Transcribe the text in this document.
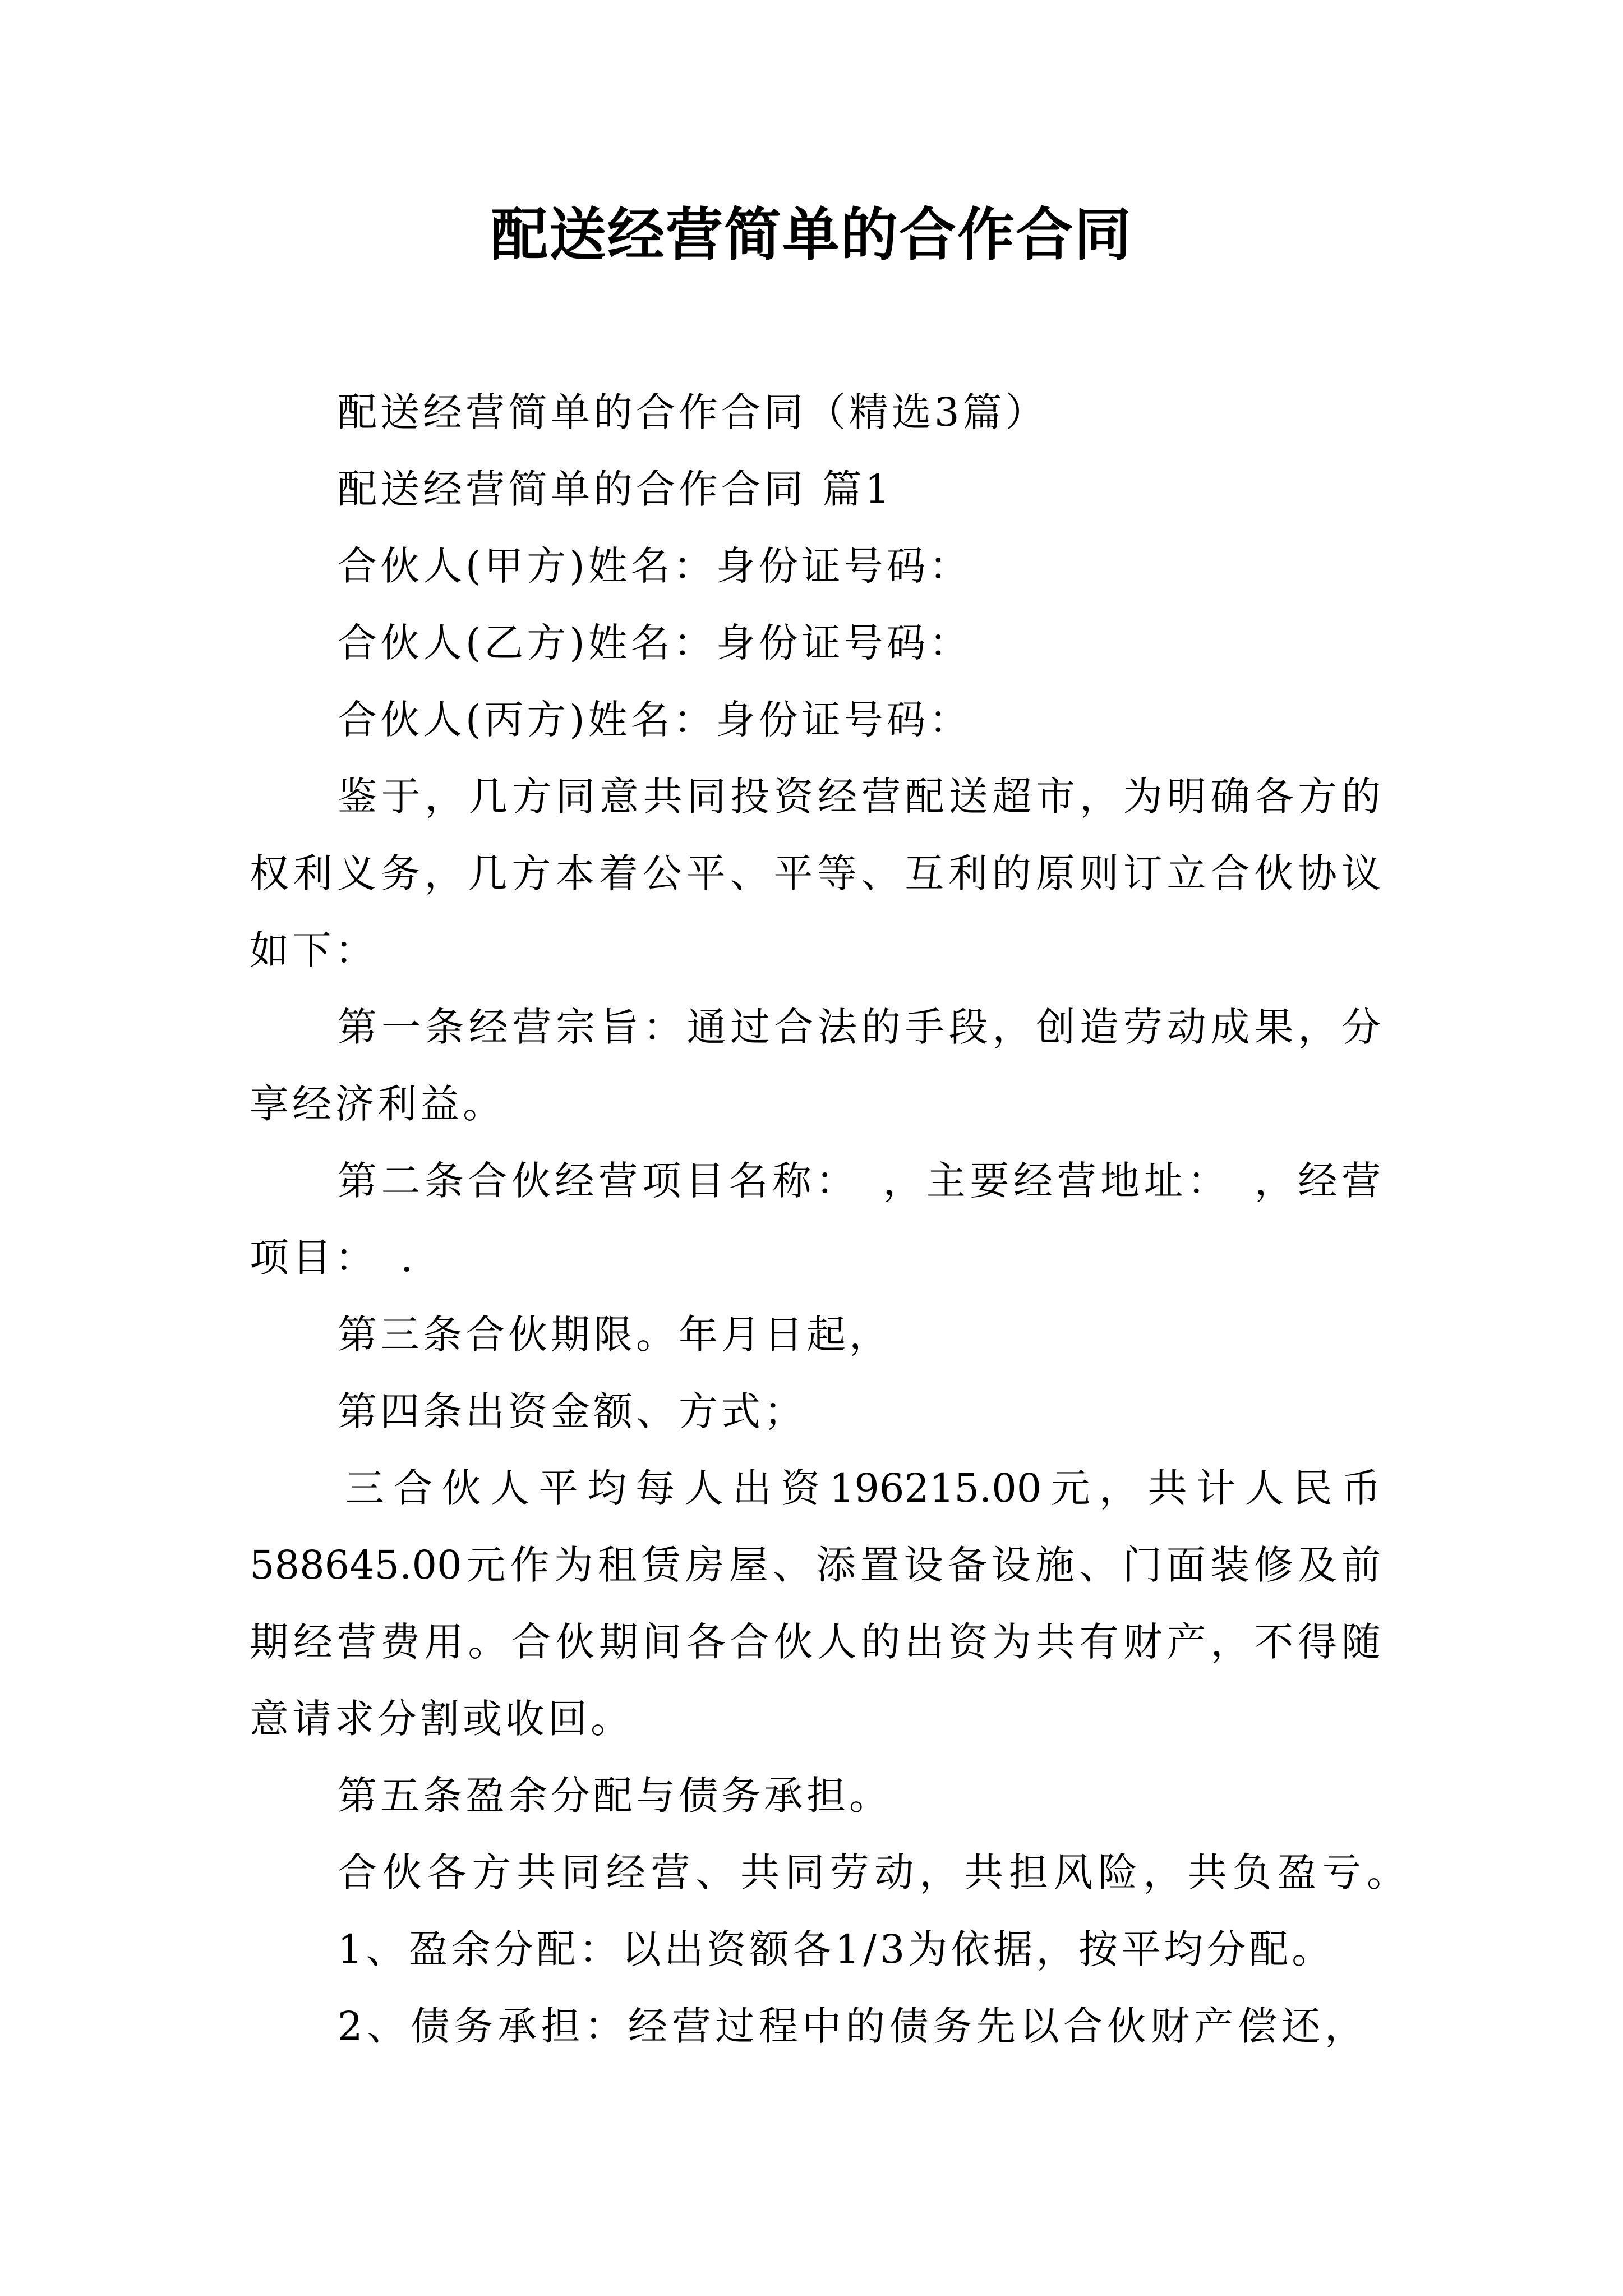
配送经营简单的合作合同
配送经营简单的合作合同（精选3篇）
配送经营简单的合作合同 篇1
合伙人(甲方)姓名：身份证号码：
合伙人(乙方)姓名：身份证号码：
合伙人(丙方)姓名：身份证号码：
鉴于，几方同意共同投资经营配送超市，为明确各方的
权利义务，几方本着公平、平等、互利的原则订立合伙协议
如下：
第一条经营宗旨：通过合法的手段，创造劳动成果，分
享经济利益。
第二条合伙经营项目名称：　，主要经营地址：　，经营
项目：　.
第三条合伙期限。年月日起，
第四条出资金额、方式；
三合伙人平均每人出资196215.00元，共计人民币
588645.00元作为租赁房屋、添置设备设施、门面装修及前
期经营费用。合伙期间各合伙人的出资为共有财产，不得随
意请求分割或收回。
第五条盈余分配与债务承担。
合伙各方共同经营、共同劳动，共担风险，共负盈亏。
1、盈余分配：以出资额各1/3为依据，按平均分配。
2、债务承担：经营过程中的债务先以合伙财产偿还，
